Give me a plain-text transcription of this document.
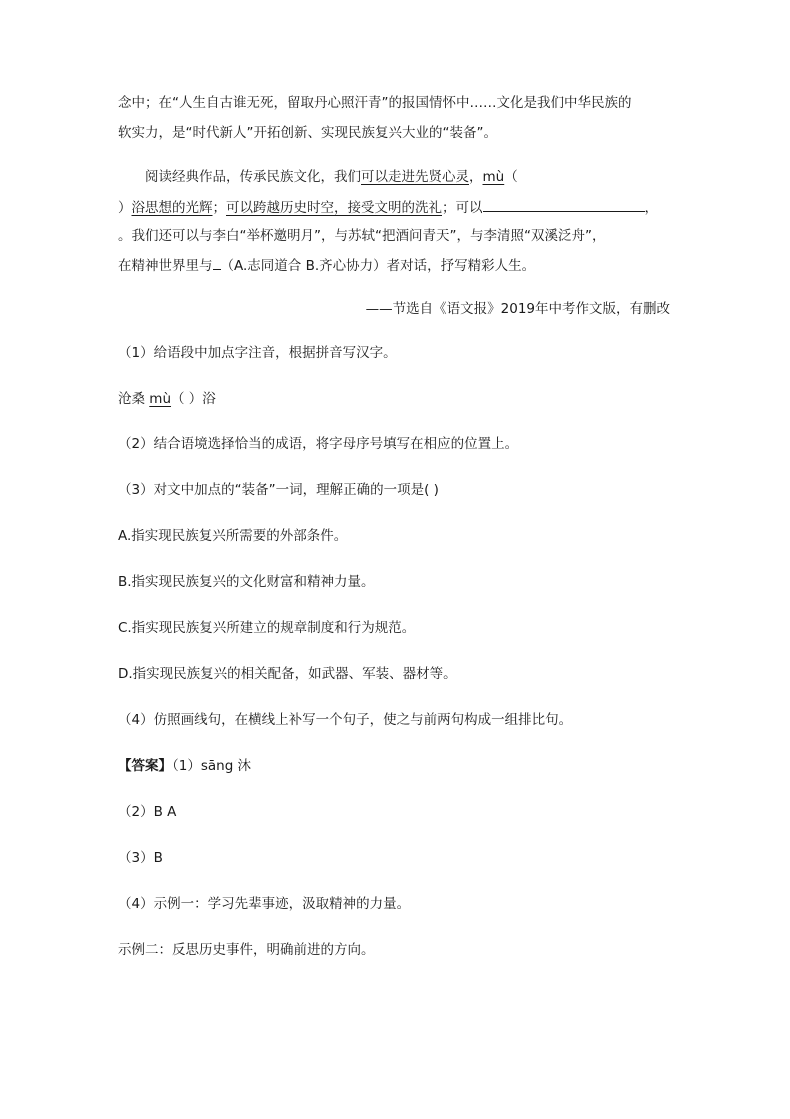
念中；在“人生自古谁无死，留取丹心照汗青”的报国情怀中……文化是我们中华民族的
软实力，是“时代新人”开拓创新、实现民族复兴大业的“装备”。
阅读经典作品，传承民族文化，我们可以走进先贤心灵，mù（
）浴思想的光辉；可以跨越历史时空，接受文明的洗礼；可以	，
。我们还可以与李白“举杯邀明月”，与苏轼“把酒问青天”，与李清照“双溪泛舟”，
在精神世界里与 （A.志同道合 B.齐心协力）者对话，抒写精彩人生。
——节选自《语文报》2019年中考作文版，有删改
（1）给语段中加点字注音，根据拼音写汉字。
沧桑 mù（ ）浴
（2）结合语境选择恰当的成语，将字母序号填写在相应的位置上。
（3）对文中加点的“装备”一词，理解正确的一项是( )
A.指实现民族复兴所需要的外部条件。
B.指实现民族复兴的文化财富和精神力量。
C.指实现民族复兴所建立的规章制度和行为规范。
D.指实现民族复兴的相关配备，如武器、军装、器材等。
（4）仿照画线句，在横线上补写一个句子，使之与前两句构成一组排比句。
【答案】（1）sāng 沐
（2）B A
（3）B
（4）示例一：学习先辈事迹，汲取精神的力量。
示例二：反思历史事件，明确前进的方向。
